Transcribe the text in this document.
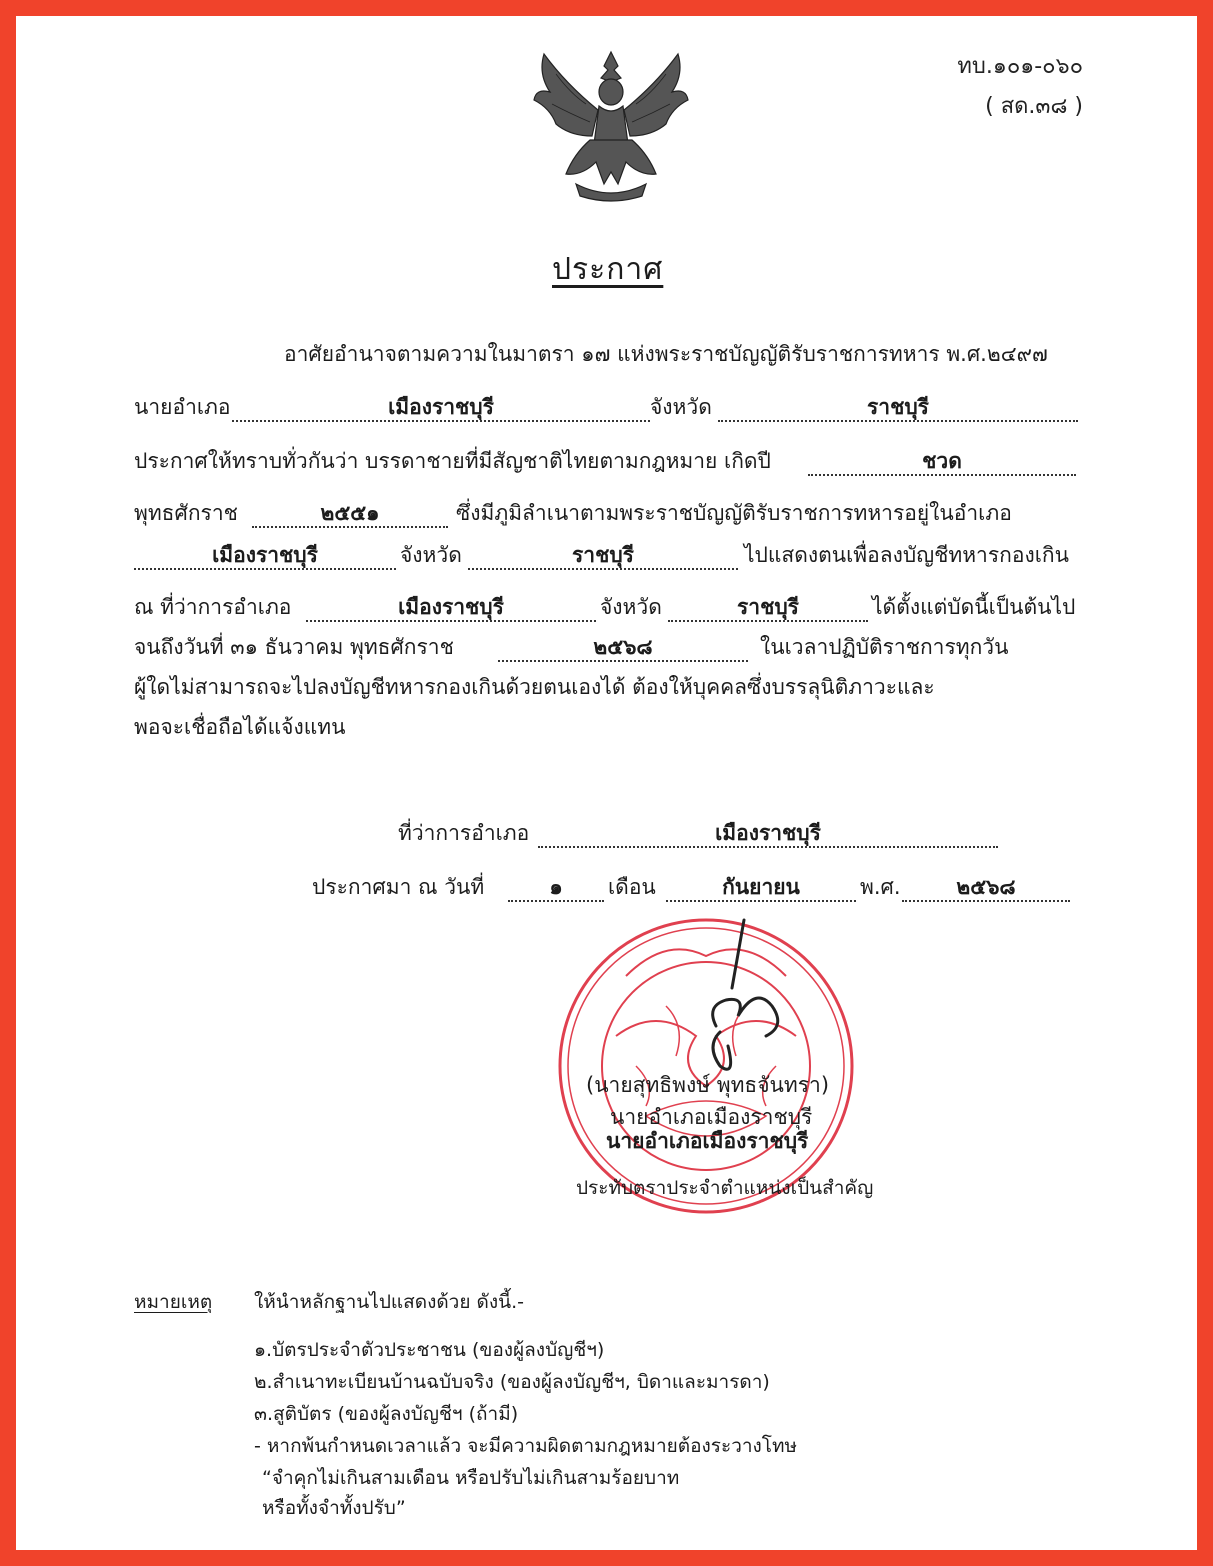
ทบ.๑๐๑-๐๖๐
( สด.๓๘ )
ประกาศ
อาศัยอำนาจตามความในมาตรา ๑๗ แห่งพระราชบัญญัติรับราชการทหาร พ.ศ.๒๔๙๗
นายอำเภอ	เมืองราชบุรี	จังหวัด	ราชบุรี
ประกาศให้ทราบทั่วกันว่า บรรดาชายที่มีสัญชาติไทยตามกฎหมาย เกิดปี	ชวด
พุทธศักราช	๒๕๕๑	ซึ่งมีภูมิลำเนาตามพระราชบัญญัติรับราชการทหารอยู่ในอำเภอ
เมืองราชบุรี	จังหวัด	ราชบุรี	ไปแสดงตนเพื่อลงบัญชีทหารกองเกิน
ณ ที่ว่าการอำเภอ	เมืองราชบุรี	จังหวัด	ราชบุรี	ได้ตั้งแต่บัดนี้เป็นต้นไป
จนถึงวันที่ ๓๑ ธันวาคม พุทธศักราช	๒๕๖๘	ในเวลาปฏิบัติราชการทุกวัน
ผู้ใดไม่สามารถจะไปลงบัญชีทหารกองเกินด้วยตนเองได้ ต้องให้บุคคลซึ่งบรรลุนิติภาวะและ
พอจะเชื่อถือได้แจ้งแทน
ที่ว่าการอำเภอ	เมืองราชบุรี
ประกาศมา ณ วันที่	๑	เดือน	กันยายน	พ.ศ.	๒๕๖๘
(นายสุทธิพงษ์ พุทธจันทรา)
นายอำเภอเมืองราชบุรี
นายอำเภอเมืองราชบุรี
ประทับตราประจำตำแหน่งเป็นสำคัญ
หมายเหตุ ให้นำหลักฐานไปแสดงด้วย ดังนี้.-
๑.บัตรประจำตัวประชาชน (ของผู้ลงบัญชีฯ)
๒.สำเนาทะเบียนบ้านฉบับจริง (ของผู้ลงบัญชีฯ, บิดาและมารดา)
๓.สูติบัตร (ของผู้ลงบัญชีฯ (ถ้ามี)
- หากพ้นกำหนดเวลาแล้ว จะมีความผิดตามกฎหมายต้องระวางโทษ
“จำคุกไม่เกินสามเดือน หรือปรับไม่เกินสามร้อยบาท
หรือทั้งจำทั้งปรับ”
